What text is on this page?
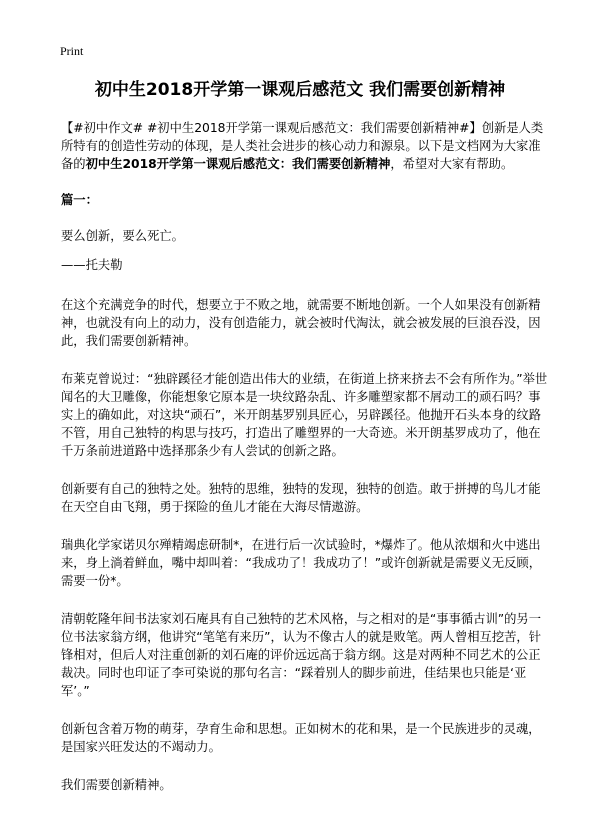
Print
初中生2018开学第一课观后感范文 我们需要创新精神

【#初中作文# #初中生2018开学第一课观后感范文：我们需要创新精神#】创新是人类所特有的创造性劳动的体现，是人类社会进步的核心动力和源泉。以下是文档网为大家准备的初中生2018开学第一课观后感范文：我们需要创新精神，希望对大家有帮助。

篇一：

要么创新，要么死亡。

——托夫勒

在这个充满竞争的时代，想要立于不败之地，就需要不断地创新。一个人如果没有创新精神，也就没有向上的动力，没有创造能力，就会被时代淘汰，就会被发展的巨浪吞没，因此，我们需要创新精神。

布莱克曾说过：“独辟蹊径才能创造出伟大的业绩，在街道上挤来挤去不会有所作为。”举世闻名的大卫雕像，你能想象它原本是一块纹路杂乱、许多雕塑家都不屑动工的顽石吗？事实上的确如此，对这块“顽石”，米开朗基罗别具匠心，另辟蹊径。他抛开石头本身的纹路不管，用自己独特的构思与技巧，打造出了雕塑界的一大奇迹。米开朗基罗成功了，他在千万条前进道路中选择那条少有人尝试的创新之路。

创新要有自己的独特之处。独特的思维，独特的发现，独特的创造。敢于拼搏的鸟儿才能在天空自由飞翔，勇于探险的鱼儿才能在大海尽情遨游。

瑞典化学家诺贝尔殚精竭虑研制*，在进行后一次试验时，*爆炸了。他从浓烟和火中逃出来，身上淌着鲜血，嘴中却叫着：“我成功了！我成功了！”或许创新就是需要义无反顾，需要一份*。

清朝乾隆年间书法家刘石庵具有自己独特的艺术风格，与之相对的是“事事循古训”的另一位书法家翁方纲，他讲究“笔笔有来历”，认为不像古人的就是败笔。两人曾相互挖苦，针锋相对，但后人对注重创新的刘石庵的评价远远高于翁方纲。这是对两种不同艺术的公正裁决。同时也印证了李可染说的那句名言：“踩着别人的脚步前进，佳结果也只能是‘亚军’。”

创新包含着万物的萌芽，孕育生命和思想。正如树木的花和果，是一个民族进步的灵魂，是国家兴旺发达的不竭动力。

我们需要创新精神。
